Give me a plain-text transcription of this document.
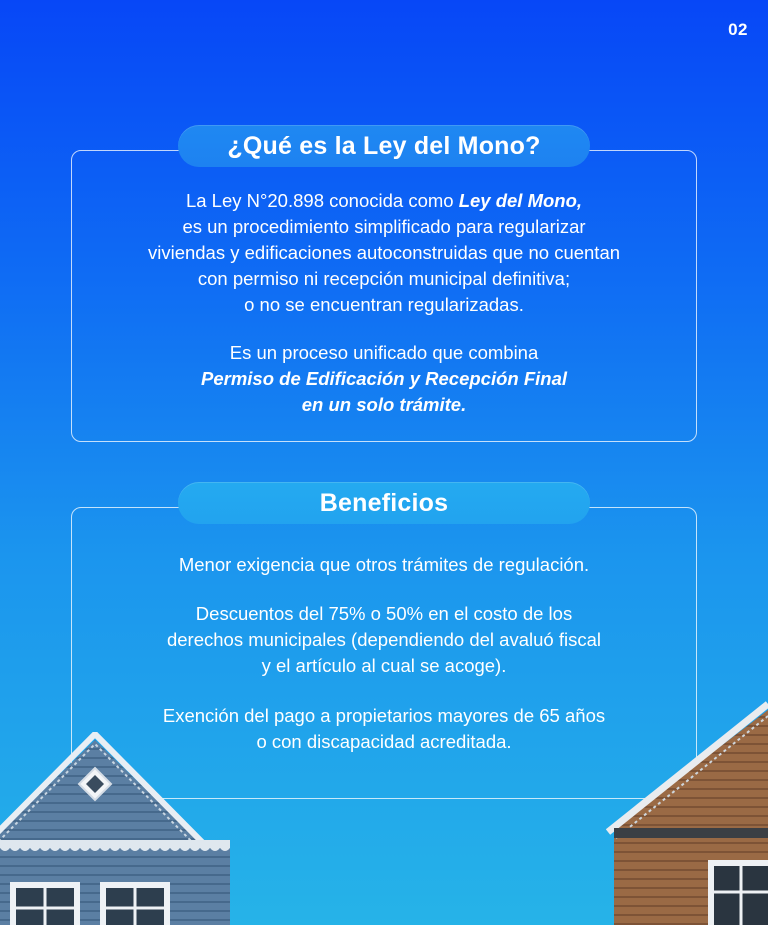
02
¿Qué es la Ley del Mono?
La Ley N°20.898 conocida como Ley del Mono,
es un procedimiento simplificado para regularizar
viviendas y edificaciones autoconstruidas que no cuentan
con permiso ni recepción municipal definitiva;
o no se encuentran regularizadas.
Es un proceso unificado que combina
Permiso de Edificación y Recepción Final
en un solo trámite.
Beneficios
Menor exigencia que otros trámites de regulación.
Descuentos del 75% o 50% en el costo de los
derechos municipales (dependiendo del avaluó fiscal
y el artículo al cual se acoge).
Exención del pago a propietarios mayores de 65 años
o con discapacidad acreditada.
